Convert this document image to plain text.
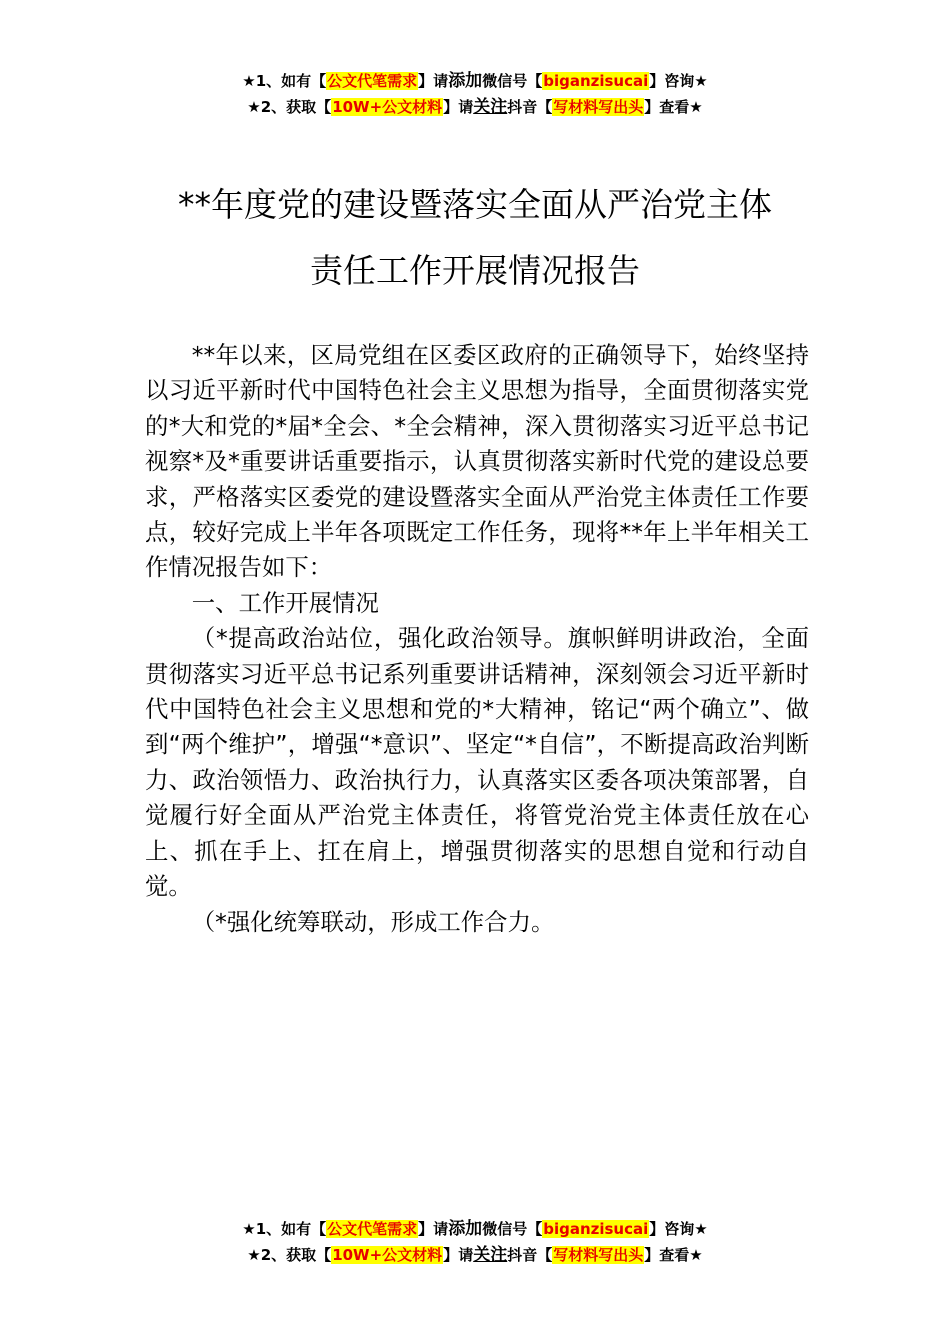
★1、如有【公文代笔需求】请添加微信号【biganzisucai】咨询★
★2、获取【10W+公文材料】请关注抖音【写材料写出头】查看★
**年度党的建设暨落实全面从严治党主体
责任工作开展情况报告

**年以来，区局党组在区委区政府的正确领导下，始终坚持以习近平新时代中国特色社会主义思想为指导，全面贯彻落实党的*大和党的*届*全会、*全会精神，深入贯彻落实习近平总书记视察*及*重要讲话重要指示，认真贯彻落实新时代党的建设总要求，严格落实区委党的建设暨落实全面从严治党主体责任工作要点，较好完成上半年各项既定工作任务，现将**年上半年相关工作情况报告如下：

一、工作开展情况

（*提高政治站位，强化政治领导。旗帜鲜明讲政治，全面贯彻落实习近平总书记系列重要讲话精神，深刻领会习近平新时代中国特色社会主义思想和党的*大精神，铭记“两个确立”、做到“两个维护”，增强“*意识”、坚定“*自信”，不断提高政治判断力、政治领悟力、政治执行力，认真落实区委各项决策部署，自觉履行好全面从严治党主体责任，将管党治党主体责任放在心上、抓在手上、扛在肩上，增强贯彻落实的思想自觉和行动自觉。

（*强化统筹联动，形成工作合力。

★1、如有【公文代笔需求】请添加微信号【biganzisucai】咨询★
★2、获取【10W+公文材料】请关注抖音【写材料写出头】查看★
